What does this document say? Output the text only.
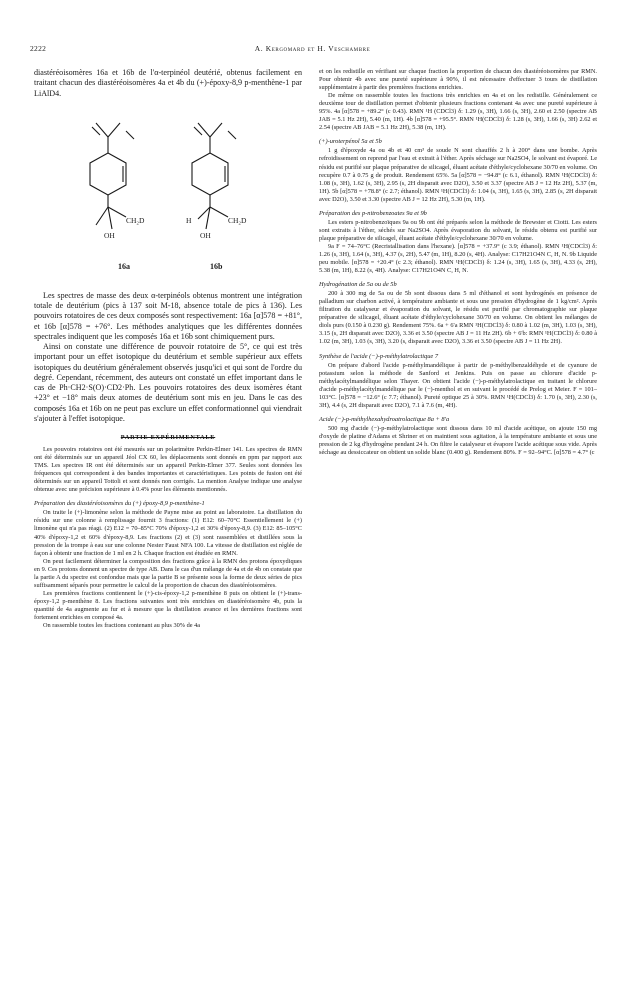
2222	A. Kergomard et H. Veschambre

diastéréoisomères 16a et 16b de l'α-terpinéol deutérié, obtenus facilement en traitant chacun des diastéréoisomères 4a et 4b du (+)-époxy-8,9 p-menthène-1 par LiAlD4.

CH₂D
OH
H	CH₂D
OH
16a	16b

Les spectres de masse des deux α-terpinéols obtenus montrent une intégration totale de deutérium (pics à 137 soit M-18, absence totale de pics à 136). Les pouvoirs rotatoires de ces deux composés sont respectivement: 16a [α]578 = +81°, et 16b [α]578 = +76°. Les méthodes analytiques que les différentes données spectrales indiquent que les composés 16a et 16b sont chimiquement purs.

Ainsi on constate une différence de pouvoir rotatoire de 5°, ce qui est très important pour un effet isotopique du deutérium et semble supérieur aux effets isotopiques du deutérium généralement observés jusqu'ici et qui sont de l'ordre du degré. Cependant, récemment, des auteurs ont constaté un effet important dans le cas de Ph·CH2·S(O)·CD2·Ph. Les pouvoirs rotatoires des deux isomères étant +23° et −18° mais deux atomes de deutérium sont mis en jeu. Dans le cas des composés 16a et 16b on ne peut pas exclure un effet conformationnel qui viendrait s'ajouter à l'effet isotopique.

PARTIE EXPÉRIMENTALE

Les pouvoirs rotatoires ont été mesurés sur un polarimètre Perkin-Elmer 141. Les spectres de RMN ont été déterminés sur un appareil Jéol CX 60, les déplacements sont donnés en ppm par rapport aux TMS. Les spectres IR ont été déterminés sur un appareil Perkin-Elmer 377. Seules sont données les fréquences qui correspondent à des bandes importantes et caractéristiques. Les points de fusion ont été déterminés sur un appareil Tottoli et sont donnés non corrigés. La mention Analyse indique une analyse obtenue avec une précision supérieure à 0.4% pour les éléments mentionnés.

Préparation des diastéréoisomères du (+) époxy-8,9 p-menthène-1

On traite le (+)-limonène selon la méthode de Payne mise au point au laboratoire. La distillation du résidu sur une colonne à remplissage fournit 3 fractions: (1) E12: 60–70°C Essentiellement le (+) limonène qui n'a pas réagi. (2) E12 = 70–85°C 70% d'époxy-1,2 et 30% d'époxy-8,9. (3) E12: 85–105°C 40% d'époxy-1,2 et 60% d'époxy-8,9. Les fractions (2) et (3) sont rassemblées et distillées sous la pression de la trompe à eau sur une colonne Nester Faust NFA 100. La vitesse de distillation est réglée de façon à obtenir une fraction de 1 ml en 2 h. Chaque fraction est étudiée en RMN.

On peut facilement déterminer la composition des fractions grâce à la RMN des protons époxydiques en 9. Ces protons donnent un spectre de type AB. Dans le cas d'un mélange de 4a et de 4b on constate que la partie A du spectre est confondue mais que la partie B se présente sous la forme de deux séries de pics suffisamment séparés pour permettre le calcul de la proportion de chacun des diastéréoisomères.

Les premières fractions contiennent le (+)-cis-époxy-1,2 p-menthène 8 puis on obtient le (+)-trans-époxy-1,2 p-menthène 8. Les fractions suivantes sont très enrichies en diastéréoisomère 4b, puis la quantité de 4a augmente au fur et à mesure que la distillation avance et les dernières fractions sont fortement enrichies en composé 4a.

On rassemble toutes les fractions contenant au plus 30% de 4a

et on les redistille en vérifiant sur chaque fraction la proportion de chacun des diastéréoisomères par RMN. Pour obtenir 4b avec une pureté supérieure à 90%, il est nécessaire d'effectuer 3 tours de distillation supplémentaire à partir des premières fractions enrichies.

De même on rassemble toutes les fractions très enrichies en 4a et on les redistille. Généralement ce deuxième tour de distillation permet d'obtenir plusieurs fractions contenant 4a avec une pureté supérieure à 95%. 4a [α]578 = +89.2° (c 0.43). RMN ¹H (CDCl3) δ: 1.29 (s, 3H), 1.66 (s, 3H), 2.60 et 2.50 (spectre AB JAB = 5.1 Hz 2H), 5.40 (m, 1H). 4b [α]578 = +95.5°. RMN ¹H(CDCl3) δ: 1.28 (s, 3H), 1.66 (s, 3H) 2.62 et 2.54 (spectre AB JAB = 5.1 Hz 2H), 5.38 (m, 1H).

(+)-uroterpénol 5a et 5b

1 g d'époxyde 4a ou 4b et 40 cm³ de soude N sont chauffés 2 h à 200° dans une bombe. Après refroidissement on reprend par l'eau et extrait à l'éther. Après séchage sur Na2SO4, le solvant est évaporé. Le résidu est purifié sur plaque préparative de silicagel, éluant acétate d'éthyle/cyclohexane 30/70 en volume. On recupère 0.7 à 0.75 g de produit. Rendement 65%. 5a [α]578 = −94.8° (c 6.1, éthanol). RMN ¹H(CDCl3) δ: 1.08 (s, 3H), 1.62 (s, 3H), 2.95 (s, 2H disparait avec D2O), 3.50 et 3.37 (spectre AB J = 12 Hz 2H), 5.37 (m, 1H). 5b [α]578 = +78.8° (c 2.7; éthanol). RMN ¹H(CDCl3) δ: 1.04 (s, 3H), 1.65 (s, 3H), 2.85 (s, 2H disparait avec D2O), 3.50 et 3.30 (spectre AB J = 12 Hz 2H), 5.30 (m, 1H).

Préparation des p-nitrobenzoates 9a et 9b

Les esters p-nitrobenzoïques 9a ou 9b ont été préparés selon la méthode de Brewster et Ciotti. Les esters sont extraits à l'éther, séchés sur Na2SO4. Après évaporation du solvant, le résidu obtenu est purifié sur plaque préparative de silicagel, éluant acétate d'éthyle/cyclohexane 30/70 en volume.

9a F = 74–76°C (Recristallisation dans l'hexane). [α]578 = +37.9° (c 3.9; éthanol). RMN ¹H(CDCl3) δ: 1.26 (s, 3H), 1.64 (s, 3H), 4.37 (s, 2H), 5.47 (m, 1H), 8.20 (s, 4H). Analyse: C17H21O4N C, H, N. 9b Liquide peu mobile. [α]578 = +20.4° (c 2.3; éthanol). RMN ¹H(CDCl3) δ: 1.24 (s, 3H), 1.65 (s, 3H), 4.33 (s, 2H), 5.38 (m, 1H), 8.22 (s, 4H). Analyse: C17H21O4N C, H, N.

Hydrogénation de 5a ou de 5b

200 à 300 mg de 5a ou de 5b sont dissous dans 5 ml d'éthanol et sont hydrogénés en présence de palladium sur charbon activé, à température ambiante et sous une pression d'hydrogène de 1 kg/cm². Après filtration du catalyseur et évaporation du solvant, le résidu est purifié par chromatographie sur plaque préparative de silicagel, éluant acétate d'éthyle/cyclohexane 30/70 en volume. On obtient les mélanges de diols purs (0.150 à 0.230 g). Rendement 75%. 6a + 6'a RMN ¹H(CDCl3) δ: 0.80 à 1.02 (m, 3H), 1.03 (s, 3H), 3.15 (s, 2H disparait avec D2O), 3.36 et 3.50 (spectre AB J = 11 Hz 2H). 6b + 6'b: RMN ¹H(CDCl3) δ: 0.80 à 1.02 (m, 3H), 1.03 (s, 3H), 3.20 (s, disparait avec D2O), 3.36 et 3.50 (spectre AB J = 11 Hz 2H).

Synthèse de l'acide (−)-p-méthylatrolactique 7

On prépare d'abord l'acide p-méthylmandélique à partir de p-méthylbenzaldéhyde et de cyanure de potassium selon la méthode de Sanford et Jenkins. Puis on passe au chlorure d'acide p-méthylacétylmandélique selon Thayer. On obtient l'acide (−)-p-méthylatrolactique en traitant le chlorure d'acide p-méthylacétylmandélique par le (−)-menthol et en suivant le procédé de Prelog et Meier. F = 101–103°C. [α]578 = −12.6° (c 7.7; éthanol). Pureté optique 25 à 30%. RMN ¹H(CDCl3) δ: 1.70 (s, 3H), 2.30 (s, 3H), 4.4 (s, 2H disparait avec D2O), 7.1 à 7.6 (m, 4H).

Acide (−)-p-méthylhexahydroatrolactique 8a + 8'a

500 mg d'acide (−)-p-méthylatrolactique sont dissous dans 10 ml d'acide acétique, on ajoute 150 mg d'oxyde de platine d'Adams et Shriner et on maintient sous agitation, à la température ambiante et sous une pression de 2 kg d'hydrogène pendant 24 h. On filtre le catalyseur et évapore l'acide acétique sous vide. Après séchage au dessiccateur on obtient un solide blanc (0.400 g). Rendement 80%. F = 92–94°C. [α]578 = 4.7° (c
